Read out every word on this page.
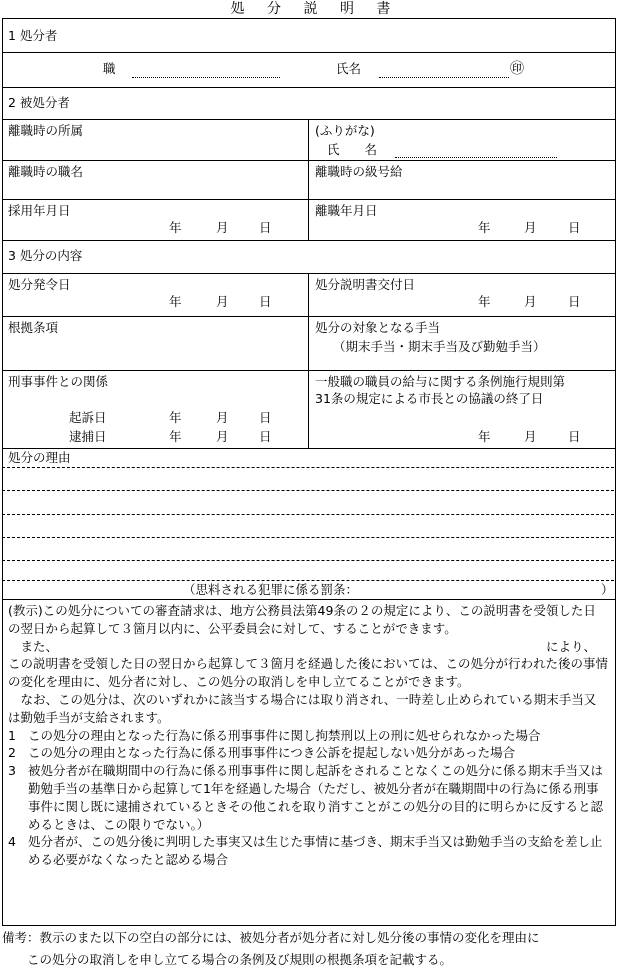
処 分 説 明 書
1 処分者
職	氏名	㊞
2 被処分者
離職時の所属	(ふりがな)
氏　　名
離職時の職名	離職時の級号給
採用年月日
年	月 日
離職年月日
年	月	日
3 処分の内容
処分発令日
年	月 日
処分説明書交付日
年	月	日
根拠条項	処分の対象となる手当
（期末手当・期末手当及び勤勉手当）
刑事事件との関係
起訴日	年	月 日
逮捕日	年	月 日
一般職の職員の給与に関する条例施行規則第
31条の規定による市長との協議の終了日
年	月	日
処分の理由
（思料される犯罪に係る罰条：	）

(教示)この処分についての審査請求は、地方公務員法第49条の２の規定により、この説明書を受領した日の翌日から起算して３箇月以内に、公平委員会に対して、することができます。

　また、	により、この説明書を受領した日の翌日から起算して３箇月を経過した後においては、この処分が行われた後の事情の変化を理由に、処分者に対し、この処分の取消しを申し立てることができます。

　なお、この処分は、次のいずれかに該当する場合には取り消され、一時差し止められている期末手当又は勤勉手当が支給されます。

1 この処分の理由となった行為に係る刑事事件に関し拘禁刑以上の刑に処せられなかった場合
2 この処分の理由となった行為に係る刑事事件につき公訴を提起しない処分があった場合
3 被処分者が在職期間中の行為に係る刑事事件に関し起訴をされることなくこの処分に係る期末手当又は勤勉手当の基準日から起算して1年を経過した場合（ただし、被処分者が在職期間中の行為に係る刑事事件に関し既に逮捕されているときその他これを取り消すことがこの処分の目的に明らかに反すると認めるときは、この限りでない。）
4 処分者が、この処分後に判明した事実又は生じた事情に基づき、期末手当又は勤勉手当の支給を差し止める必要がなくなったと認める場合
備考：教示のまた以下の空白の部分には、被処分者が処分者に対し処分後の事情の変化を理由に
　　この処分の取消しを申し立てる場合の条例及び規則の根拠条項を記載する。
